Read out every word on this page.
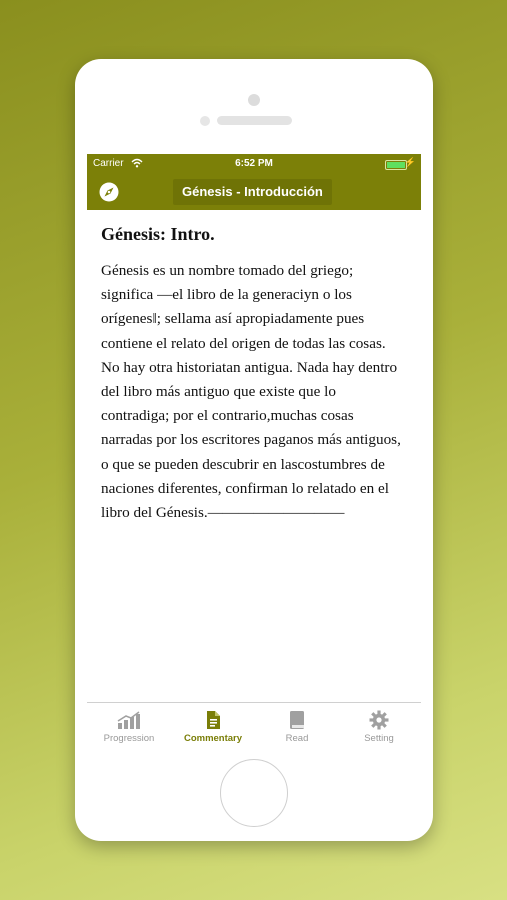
Carrier	6:52 PM	⚡
Génesis - Introducción
Génesis: Intro.

Génesis es un nombre tomado del griego; significa —el libro de la generaciyn o los orígenes‖; sellama así apropiadamente pues contiene el relato del origen de todas las cosas. No hay otra historiatan antigua. Nada hay dentro del libro más antiguo que existe que lo contradiga; por el contrario,muchas cosas narradas por los escritores paganos más antiguos, o que se pueden descubrir en lascostumbres de naciones diferentes, confirman lo relatado en el libro del Génesis.—————————

Progression	Commentary	Read	Setting
